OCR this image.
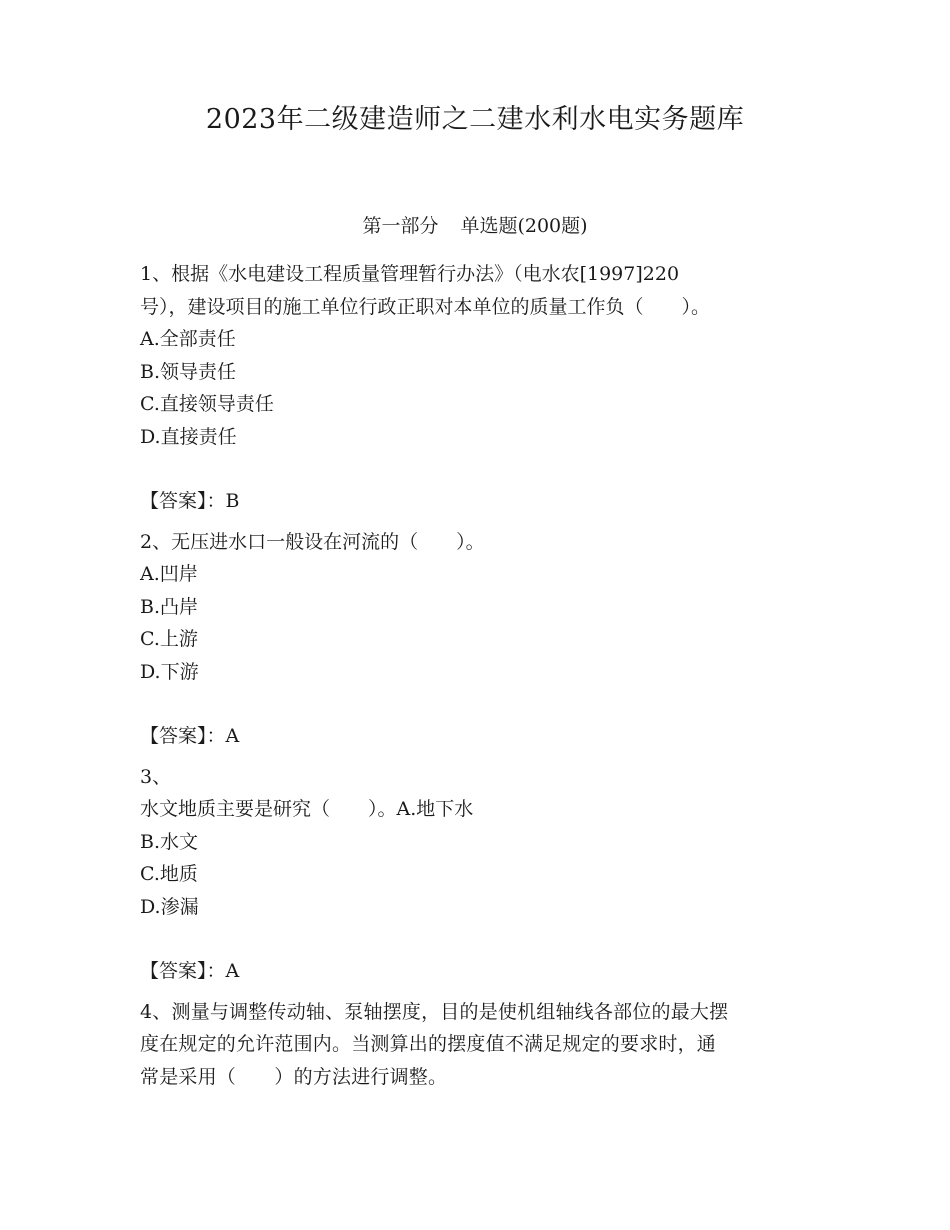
2023年二级建造师之二建水利水电实务题库
第一部分 单选题(200题)
1、根据《水电建设工程质量管理暂行办法》（电水农[1997]220
号），建设项目的施工单位行政正职对本单位的质量工作负（　　）。
A.全部责任
B.领导责任
C.直接领导责任
D.直接责任
【答案】：B
2、无压进水口一般设在河流的（　　）。
A.凹岸
B.凸岸
C.上游
D.下游
【答案】：A
3、
水文地质主要是研究（　　）。A.地下水
B.水文
C.地质
D.渗漏
【答案】：A
4、测量与调整传动轴、泵轴摆度，目的是使机组轴线各部位的最大摆
度在规定的允许范围内。当测算出的摆度值不满足规定的要求时，通
常是采用（　　）的方法进行调整。
